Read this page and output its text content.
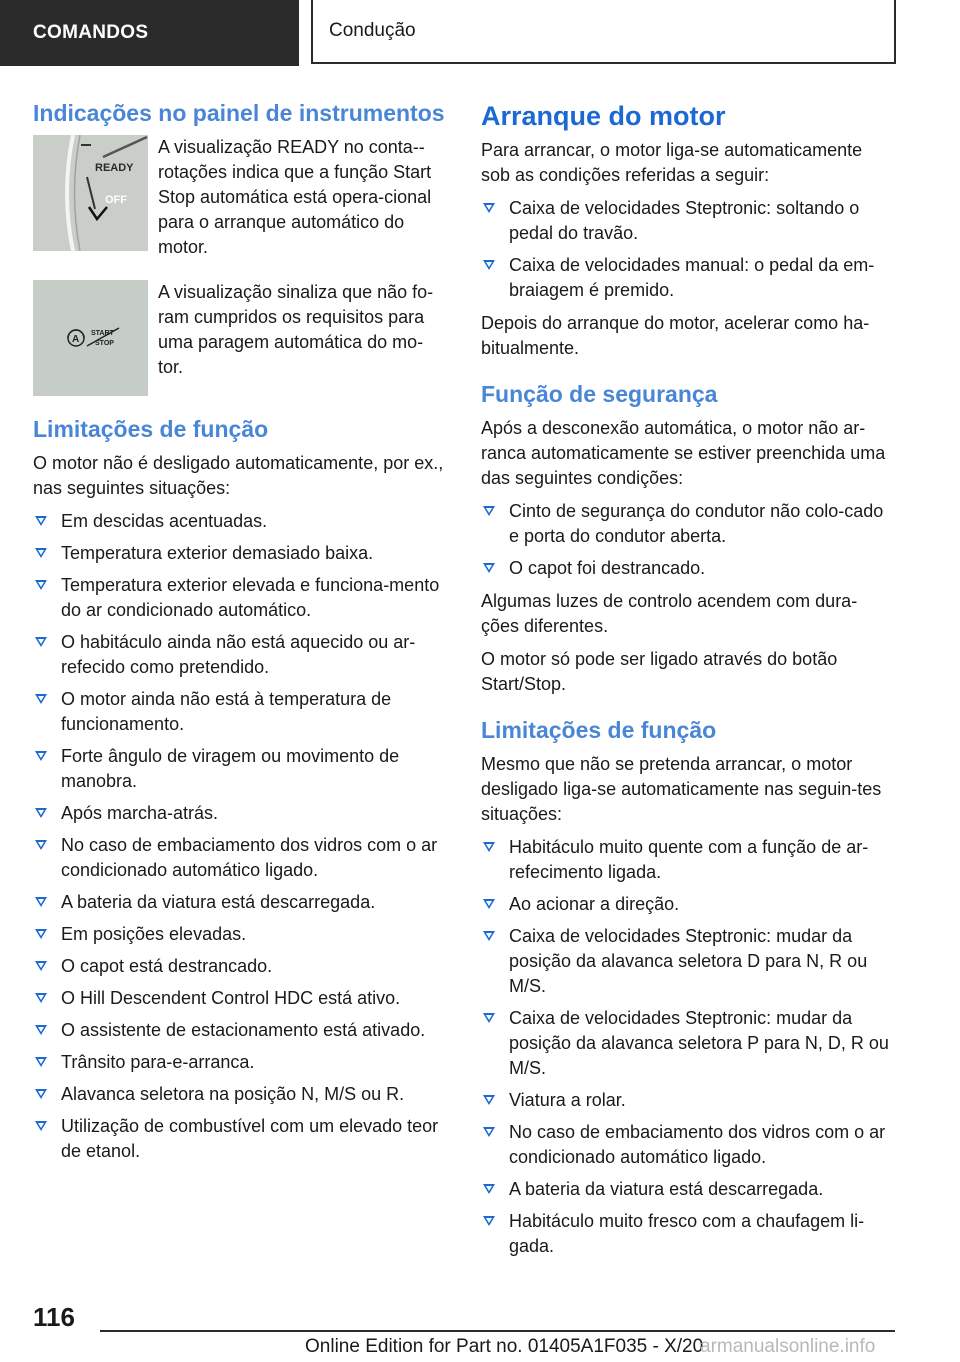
COMANDOS	Condução
Indicações no painel de instrumentos
READY
OFF
A visualização READY no conta--rotações indica que a função Start Stop automática está opera-cional para o arranque automático do motor.
A
START
STOP
A visualização sinaliza que não fo-ram cumpridos os requisitos para uma paragem automática do mo-tor.
Limitações de função

O motor não é desligado automaticamente, por ex., nas seguintes situações:

Em descidas acentuadas.
Temperatura exterior demasiado baixa.
Temperatura exterior elevada e funciona-mento do ar condicionado automático.
O habitáculo ainda não está aquecido ou ar-refecido como pretendido.
O motor ainda não está à temperatura de funcionamento.
Forte ângulo de viragem ou movimento de manobra.
Após marcha-atrás.
No caso de embaciamento dos vidros com o ar condicionado automático ligado.
A bateria da viatura está descarregada.
Em posições elevadas.
O capot está destrancado.
O Hill Descendent Control HDC está ativo.
O assistente de estacionamento está ativado.
Trânsito para-e-arranca.
Alavanca seletora na posição N, M/S ou R.
Utilização de combustível com um elevado teor de etanol.
Arranque do motor

Para arrancar, o motor liga-se automaticamente sob as condições referidas a seguir:

Caixa de velocidades Steptronic: soltando o pedal do travão.
Caixa de velocidades manual: o pedal da em-braiagem é premido.

Depois do arranque do motor, acelerar como ha-bitualmente.

Função de segurança

Após a desconexão automática, o motor não ar-ranca automaticamente se estiver preenchida uma das seguintes condições:

Cinto de segurança do condutor não colo-cado e porta do condutor aberta.
O capot foi destrancado.

Algumas luzes de controlo acendem com dura-ções diferentes.

O motor só pode ser ligado através do botão Start/Stop.

Limitações de função

Mesmo que não se pretenda arrancar, o motor desligado liga-se automaticamente nas seguin-tes situações:

Habitáculo muito quente com a função de ar-refecimento ligada.
Ao acionar a direção.
Caixa de velocidades Steptronic: mudar da posição da alavanca seletora D para N, R ou M/S.
Caixa de velocidades Steptronic: mudar da posição da alavanca seletora P para N, D, R ou M/S.
Viatura a rolar.
No caso de embaciamento dos vidros com o ar condicionado automático ligado.
A bateria da viatura está descarregada.
Habitáculo muito fresco com a chaufagem li-gada.
116
Online Edition for Part no. 01405A1F035 - X/20
armanualsonline.info
